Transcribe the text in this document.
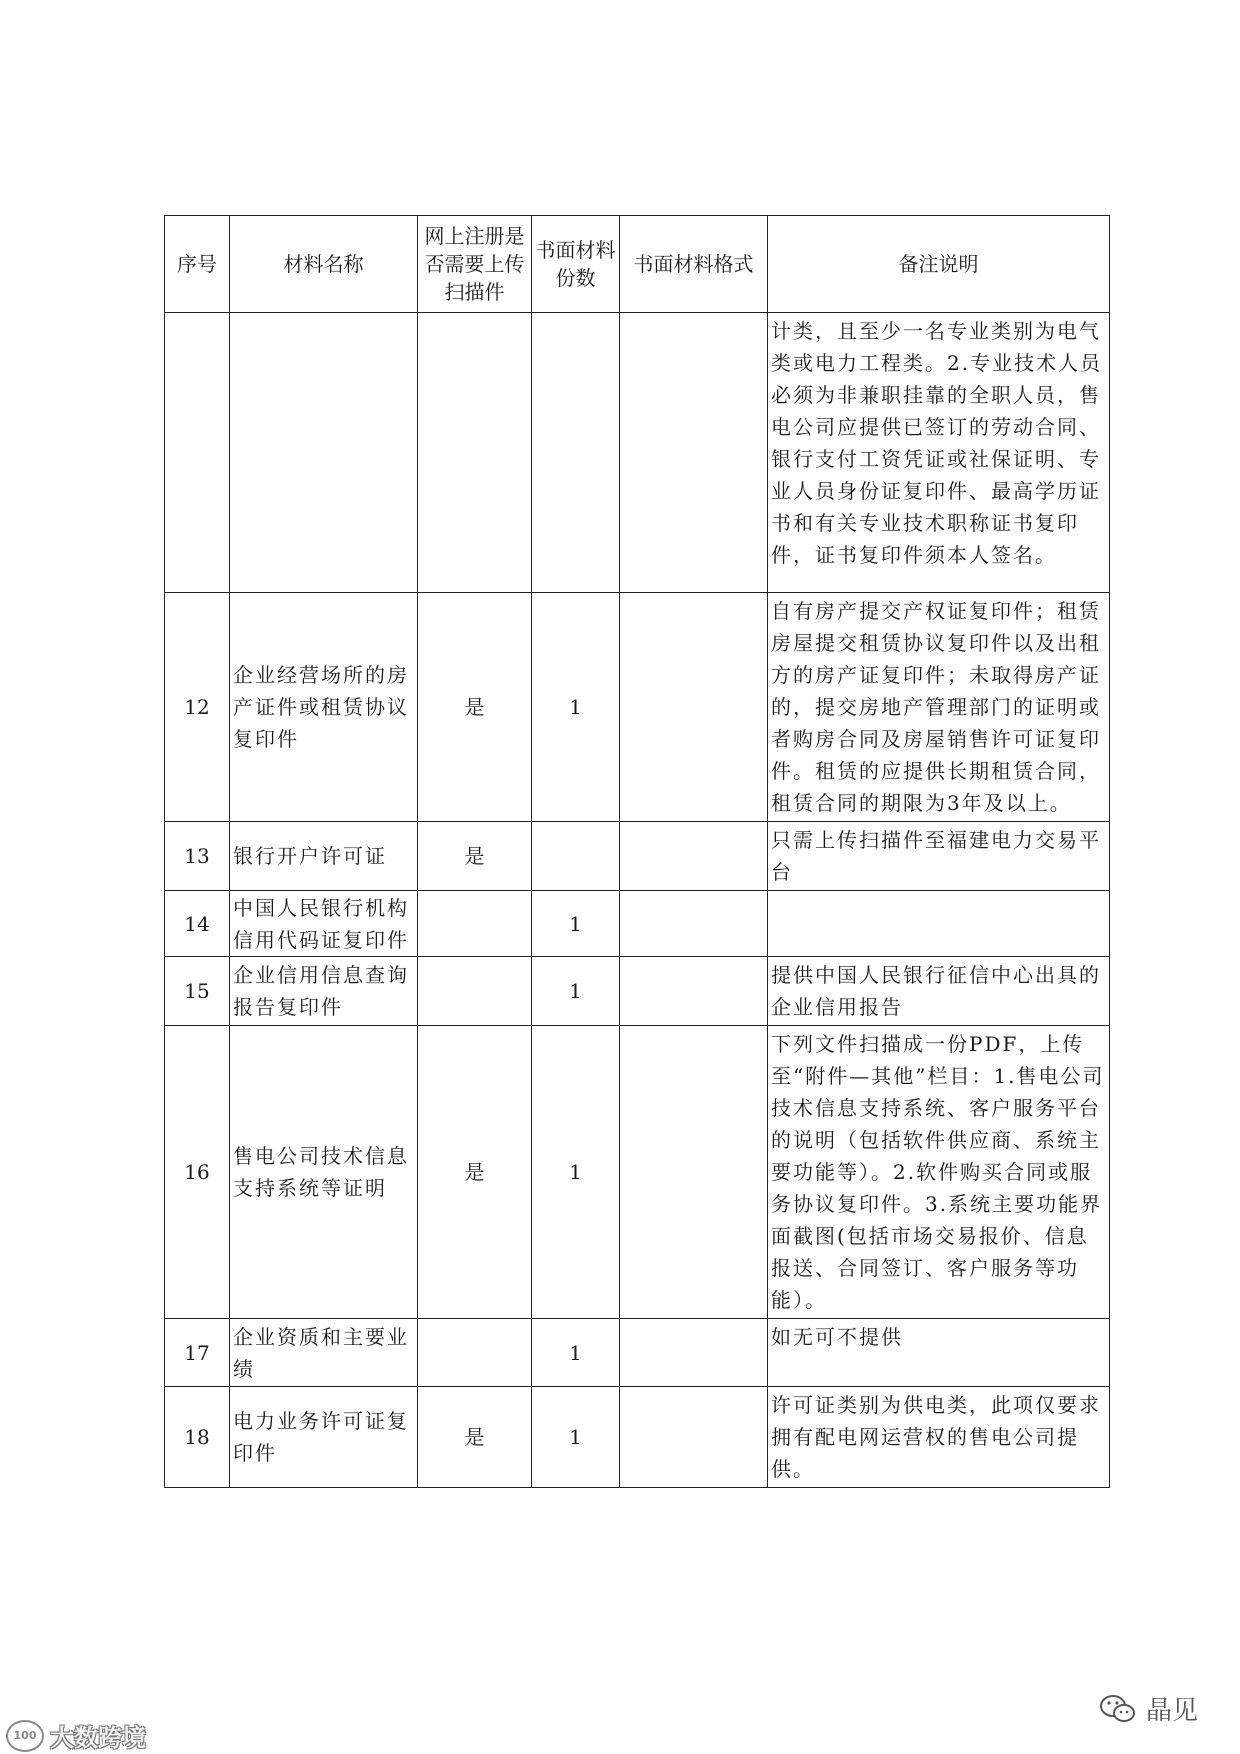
序号	材料名称	网上注册是否需要上传扫描件	书面材料份数	书面材料格式	备注说明
					计类，且至少一名专业类别为电气类或电力工程类。2.专业技术人员必须为非兼职挂靠的全职人员，售电公司应提供已签订的劳动合同、银行支付工资凭证或社保证明、专业人员身份证复印件、最高学历证书和有关专业技术职称证书复印件，证书复印件须本人签名。
12	企业经营场所的房产证件或租赁协议复印件	是	1		自有房产提交产权证复印件；租赁房屋提交租赁协议复印件以及出租方的房产证复印件；未取得房产证的，提交房地产管理部门的证明或者购房合同及房屋销售许可证复印件。租赁的应提供长期租赁合同，租赁合同的期限为3年及以上。
13	银行开户许可证	是			只需上传扫描件至福建电力交易平台
14	中国人民银行机构信用代码证复印件		1		
15	企业信用信息查询报告复印件		1		提供中国人民银行征信中心出具的企业信用报告
16	售电公司技术信息支持系统等证明	是	1		下列文件扫描成一份PDF，上传至“附件—其他”栏目：1.售电公司技术信息支持系统、客户服务平台的说明（包括软件供应商、系统主要功能等）。2.软件购买合同或服务协议复印件。3.系统主要功能界面截图(包括市场交易报价、信息报送、合同签订、客户服务等功能）。
17	企业资质和主要业绩		1		如无可不提供
18	电力业务许可证复印件	是	1		许可证类别为供电类，此项仅要求拥有配电网运营权的售电公司提供。
100 大数跨境
晶见
